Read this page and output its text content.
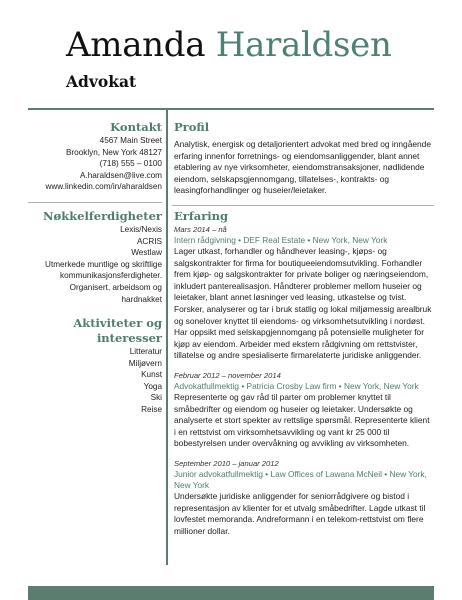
Amanda Haraldsen
Advokat
Kontakt
4567 Main Street
Brooklyn, New York 48127
(718) 555 – 0100
A.haraldsen@live.com
www.linkedin.com/in/aharaldsen
Nøkkelferdigheter
Lexis/Nexis
ACRIS
Westlaw
Utmerkede muntlige og skriftlige
kommunikasjonsferdigheter.
Organisert, arbeidsom og
hardnakket
Aktiviteter og
interesser
Litteratur
Miljøvern
Kunst
Yoga
Ski
Reise
Profil
Analytisk, energisk og detaljorientert advokat med bred og inngående erfaring innenfor forretnings- og eiendomsanliggender, blant annet etablering av nye virksomheter, eiendomstransaksjoner, nødlidende eiendom, selskapsgjennomgang, tillatelses-, kontrakts- og leasingforhandlinger og huseier/leietaker.
Erfaring
Mars 2014 – nå
Intern rådgivning • DEF Real Estate • New York, New York
Lager utkast, forhandler og håndhever leasing-, kjøps- og salgskontrakter for firma for boutiqueeiendomsutvikling. Forhandler frem kjøp- og salgskontrakter for private boliger og næringseiendom, inkludert panterealisasjon. Håndterer problemer mellom huseier og leietaker, blant annet løsninger ved leasing, utkastelse og tvist. Forsker, analyserer og tar i bruk statlig og lokal miljømessig arealbruk og sonelover knyttet til eiendoms- og virksomhetsutvikling i nordøst. Har oppsikt med selskapgjennomgang på potensielle muligheter for kjøp av eiendom. Arbeider med ekstern rådgivning om rettstvister, tillatelse og andre spesialiserte firmarelaterte juridiske anliggender.
Februar 2012 – november 2014
Advokatfullmektig • Patricia Crosby Law firm • New York, New York
Representerte og gav råd til parter om problemer knyttet til småbedrifter og eiendom og huseier og leietaker. Undersøkte og analyserte et stort spekter av rettslige spørsmål. Representerte klient i en rettstvist om virksomhetsavvikling og vant kr 25 000 til bobestyrelsen under overvåkning og avvikling av virksomheten.
September 2010 – januar 2012
Junior advokatfullmektig • Law Offices of Lawana McNeil • New York, New York
Undersøkte juridiske anliggender for seniorrådgivere og bistod i representasjon av klienter for et utvalg småbedrifter. Lagde utkast til lovfestet memoranda. Andreformann i en telekom-rettstvist om flere millioner dollar.
